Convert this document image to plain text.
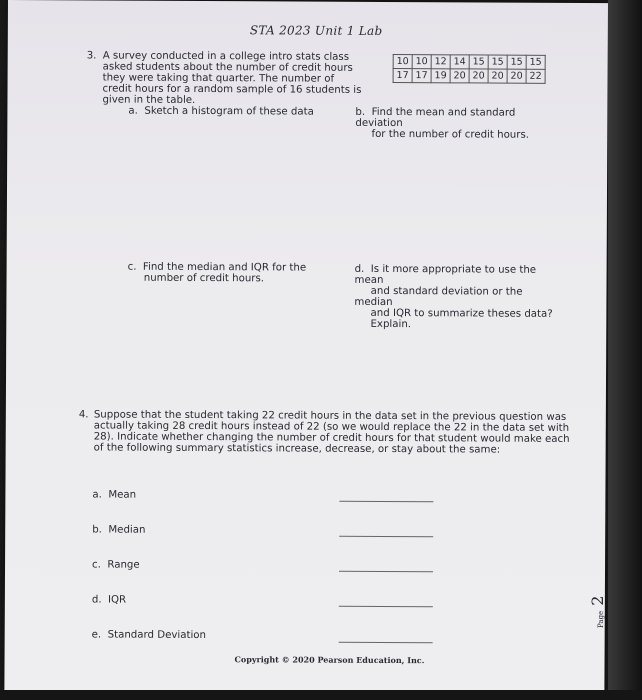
STA 2023 Unit 1 Lab
3. A survey conducted in a college intro stats class asked students about the number of credit hours they were taking that quarter. The number of credit hours for a random sample of 16 students is given in the table.
10	10	12	14	15	15	15	15
17	17	19	20	20	20	20	22
a.  Sketch a histogram of these data	b.  Find the mean and standard deviation
for the number of credit hours.
c.  Find the median and IQR for the
number of credit hours.
d.  Is it more appropriate to use the mean
and standard deviation or the median
and IQR to summarize theses data?
Explain.
4. Suppose that the student taking 22 credit hours in the data set in the previous question was actually taking 28 credit hours instead of 22 (so we would replace the 22 in the data set with 28). Indicate whether changing the number of credit hours for that student would make each of the following summary statistics increase, decrease, or stay about the same:
a.  Mean
b.  Median
c.  Range
d.  IQR
e.  Standard Deviation
Copyright © 2020 Pearson Education, Inc.
Page 2
